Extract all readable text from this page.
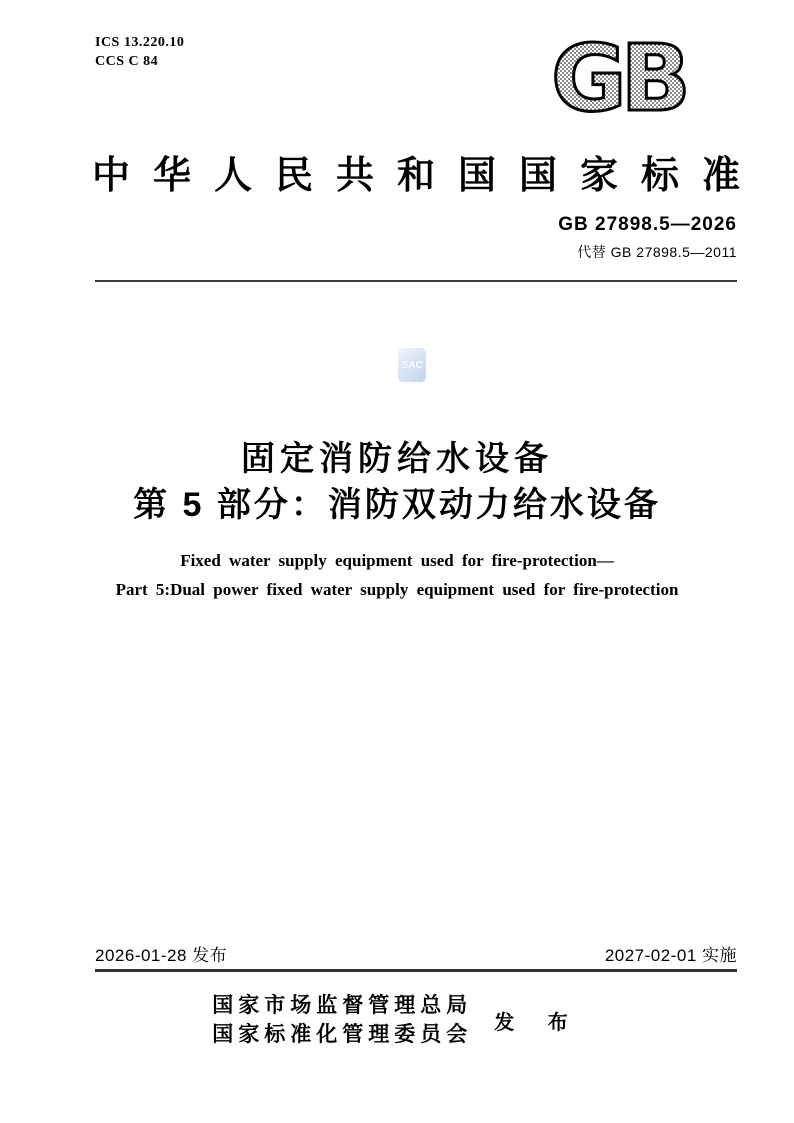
ICS 13.220.10
CCS C 84	GB
中华人民共和国国家标准
GB 27898.5—2026
代替 GB 27898.5—2011
SAC
固定消防给水设备
第 5 部分：消防双动力给水设备
Fixed water supply equipment used for fire-protection—
Part 5:Dual power fixed water supply equipment used for fire-protection
2026-01-28 发布	2027-02-01 实施
国家市场监督管理总局
国家标准化管理委员会 发 布
